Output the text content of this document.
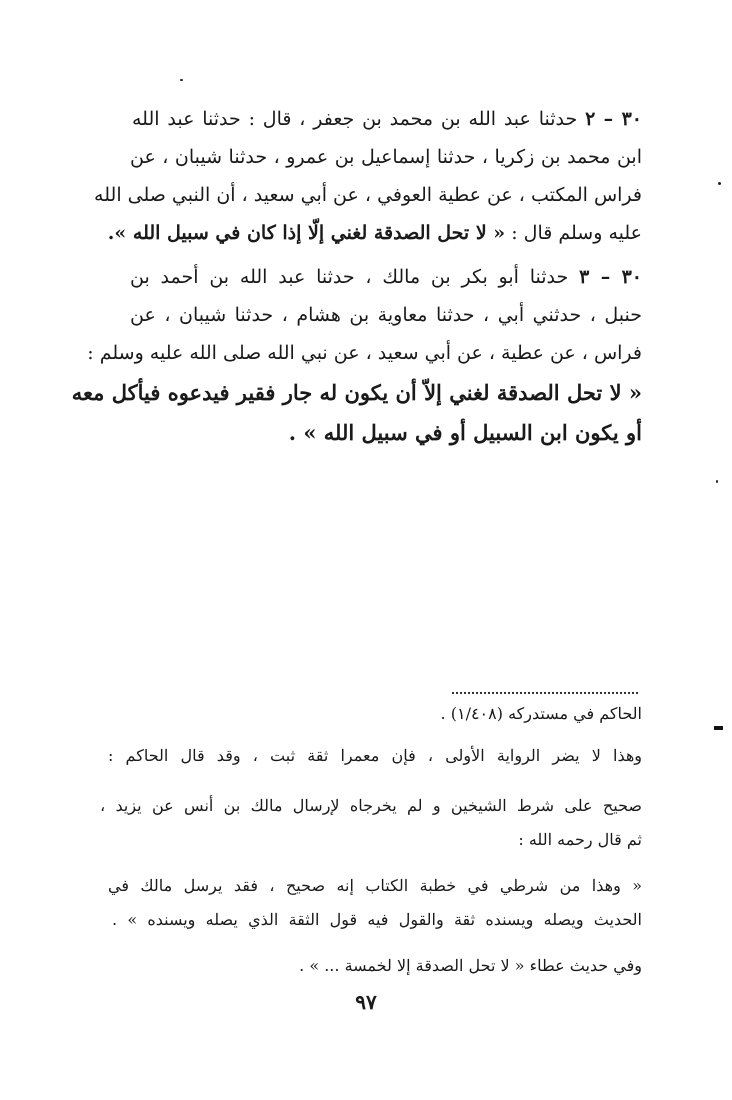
٣٠ – ٢ حدثنا عبد الله بن محمد بن جعفر ، قال : حدثنا عبد الله
ابن محمد بن زكريا ، حدثنا إسماعيل بن عمرو ، حدثنا شيبان ، عن
فراس المكتب ، عن عطية العوفي ، عن أبي سعيد ، أن النبي صلى الله
عليه وسلم قال : « لا تحل الصدقة لغني إلّا إذا كان في سبيل الله ».
٣٠ – ٣ حدثنا أبو بكر بن مالك ، حدثنا عبد الله بن أحمد بن
حنبل ، حدثني أبي ، حدثنا معاوية بن هشام ، حدثنا شيبان ، عن
فراس ، عن عطية ، عن أبي سعيد ، عن نبي الله صلى الله عليه وسلم :
« لا تحل الصدقة لغني إلاّ أن يكون له جار فقير فيدعوه فيأكل معه
أو يكون ابن السبيل أو في سبيل الله » .
الحاكم في مستدركه (١/٤٠٨) .
وهذا لا يضر الرواية الأولى ، فإن معمرا ثقة ثبت ، وقد قال الحاكم :
صحيح على شرط الشيخين و لم يخرجاه لإرسال مالك بن أنس عن يزيد ،
ثم قال رحمه الله :
« وهذا من شرطي في خطبة الكتاب إنه صحيح ، فقد يرسل مالك في
الحديث ويصله ويسنده ثقة والقول فيه قول الثقة الذي يصله ويسنده » .
وفي حديث عطاء « لا تحل الصدقة إلا لخمسة ... » .
٩٧
